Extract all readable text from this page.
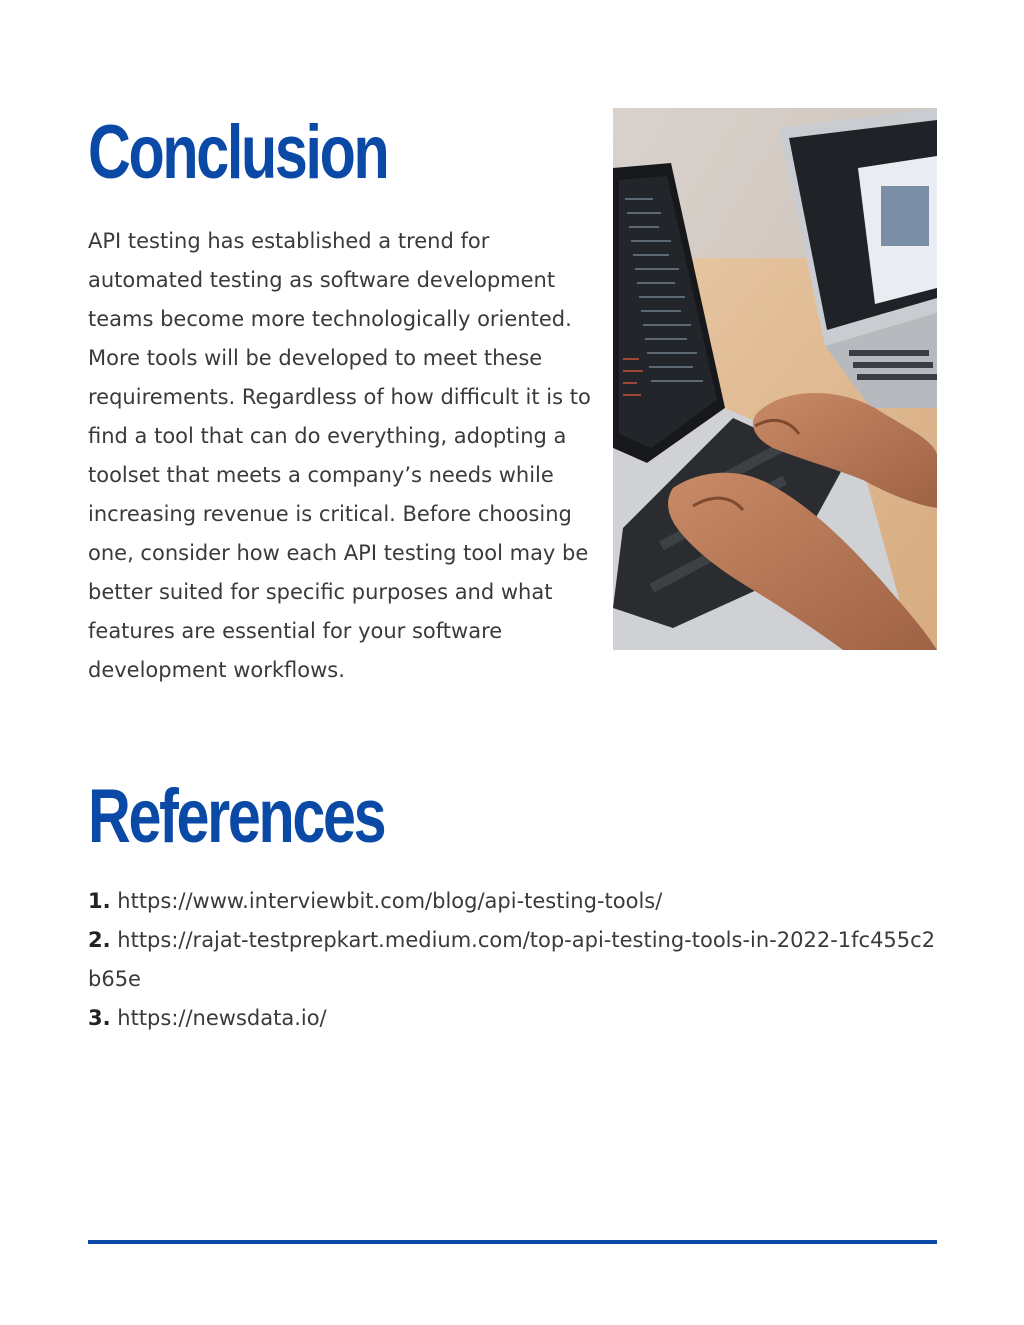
Conclusion

API testing has established a trend for automated testing as software development teams become more technologically oriented. More tools will be developed to meet these requirements. Regardless of how difficult it is to find a tool that can do everything, adopting a toolset that meets a company’s needs while increasing revenue is critical. Before choosing one, consider how each API testing tool may be better suited for specific purposes and what features are essential for your software development workflows.

References
1. https://www.interviewbit.com/blog/api-testing-tools/
2. https://rajat-testprepkart.medium.com/top-api-testing-tools-in-2022-1fc455c2b65e
3. https://newsdata.io/
